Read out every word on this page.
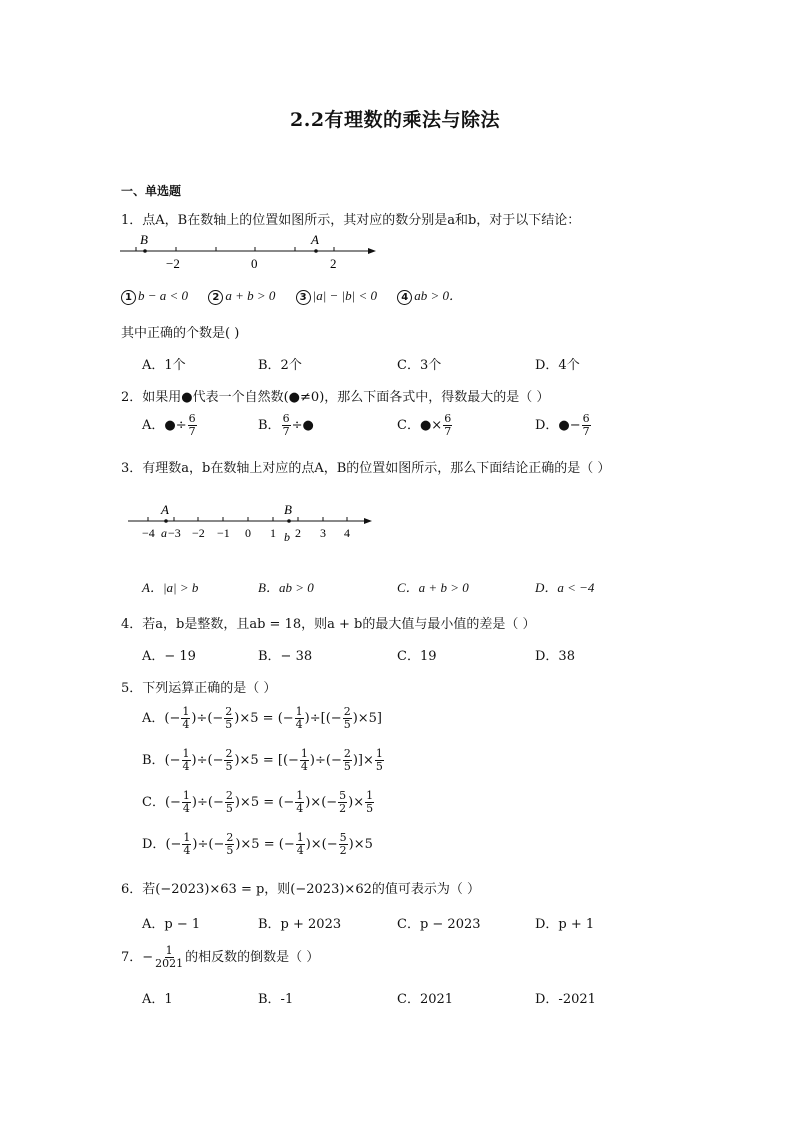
2.2有理数的乘法与除法
一、单选题
1．点A，B在数轴上的位置如图所示，其对应的数分别是a和b，对于以下结论：
B	A
−2	0	2
1 b − a < 0 2 a + b > 0 3 |a| − |b| < 0 4 ab > 0．
其中正确的个数是( )
A．1个	B．2个	C．3个	D．4个
2．如果用●代表一个自然数(●≠0)，那么下面各式中，得数最大的是（ ）
A．●÷ $\frac{6}{7}$	B． $\frac{6}{7}$ ÷●	C．●× $\frac{6}{7}$	D．●− $\frac{6}{7}$
3．有理数a，b在数轴上对应的点A，B的位置如图所示，那么下面结论正确的是（ ）
A	B
−4 a −3 −2 −1 0 1 b 2 3 4
A．|a| > b	B．ab > 0	C．a + b > 0	D．a < −4
4．若a，b是整数，且ab = 18，则a + b的最大值与最小值的差是（ ）
A．− 19	B．− 38	C．19	D．38
5．下列运算正确的是（ ）
A．(− $\frac{1}{4}$ )÷(− $\frac{2}{5} )\times 5$ = (− $\frac{1}{4}$ )÷[(− $\frac{2}{5} )\times 5$]
B．(− $\frac{1}{4}$ )÷(− $\frac{2}{5} )\times 5$ = [(− $\frac{1}{4}$ )÷(− $\frac{2}{5}$ )]× $\frac{1}{5}$
C．(− $\frac{1}{4}$ )÷(− $\frac{2}{5} )\times 5$ = (− $\frac{1}{4}$ )×(− $\frac{5}{2}$ )× $\frac{1}{5}$
D．(− $\frac{1}{4}$ )÷(− $\frac{2}{5} )\times 5$ = (− $\frac{1}{4}$ )×(− $\frac{5}{2} )\times 5$
6．若(−2023)×63 = p，则(−2023)×62的值可表示为（ ）
A．p − 1	B．p + 2023	C．p − 2023	D．p + 1
7．− $\frac{1}{2021}$ 的相反数的倒数是（ ）
A．1	B．-1	C．2021	D．-2021
